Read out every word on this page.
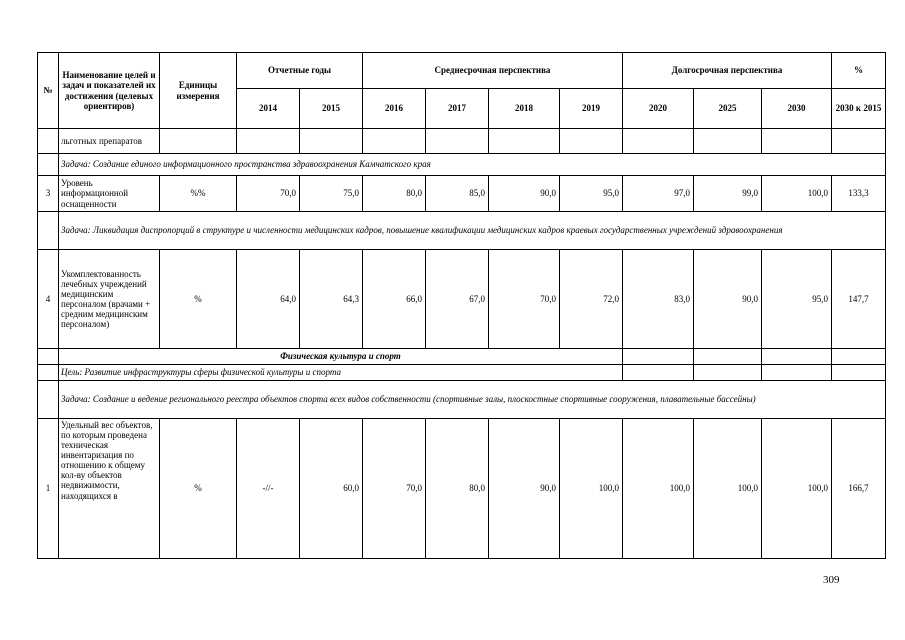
№	Наименование целей и задач и показателей их достижения (целевых ориентиров)	Единицы измерения	Отчетные годы		Среднесрочная перспектива				Долгосрочная перспектива			%
			2014	2015	2016	2017	2018	2019	2020	2025	2030	2030 к 2015
	льготных препаратов											
	Задача: Создание единого информационного пространства здравоохранения Камчатского края											
3	Уровень информационной оснащенности	%%	70,0	75,0	80,0	85,0	90,0	95,0	97,0	99,0	100,0	133,3
	Задача: Ликвидация диспропорций в структуре и численности медицинских кадров, повышение квалификации медицинских кадров краевых государственных учреждений здравоохранения											
4	Укомплектованность лечебных учреждений медицинским персоналом (врачами + средним медицинским персоналом)	%	64,0	64,3	66,0	67,0	70,0	72,0	83,0	90,0	95,0	147,7
	Физическая культура и спорт											
	Цель: Развитие инфраструктуры сферы физической культуры и спорта											
	Задача: Создание и ведение регионального реестра объектов спорта всех видов собственности (спортивные залы, плоскостные спортивные сооружения, плавательные бассейны)											
1	Удельный вес объектов, по которым проведена техническая инвентаризация по отношению к общему кол-ву объектов недвижимости, находящихся в	%	-//-	60,0	70,0	80,0	90,0	100,0	100,0	100,0	100,0	166,7
309
